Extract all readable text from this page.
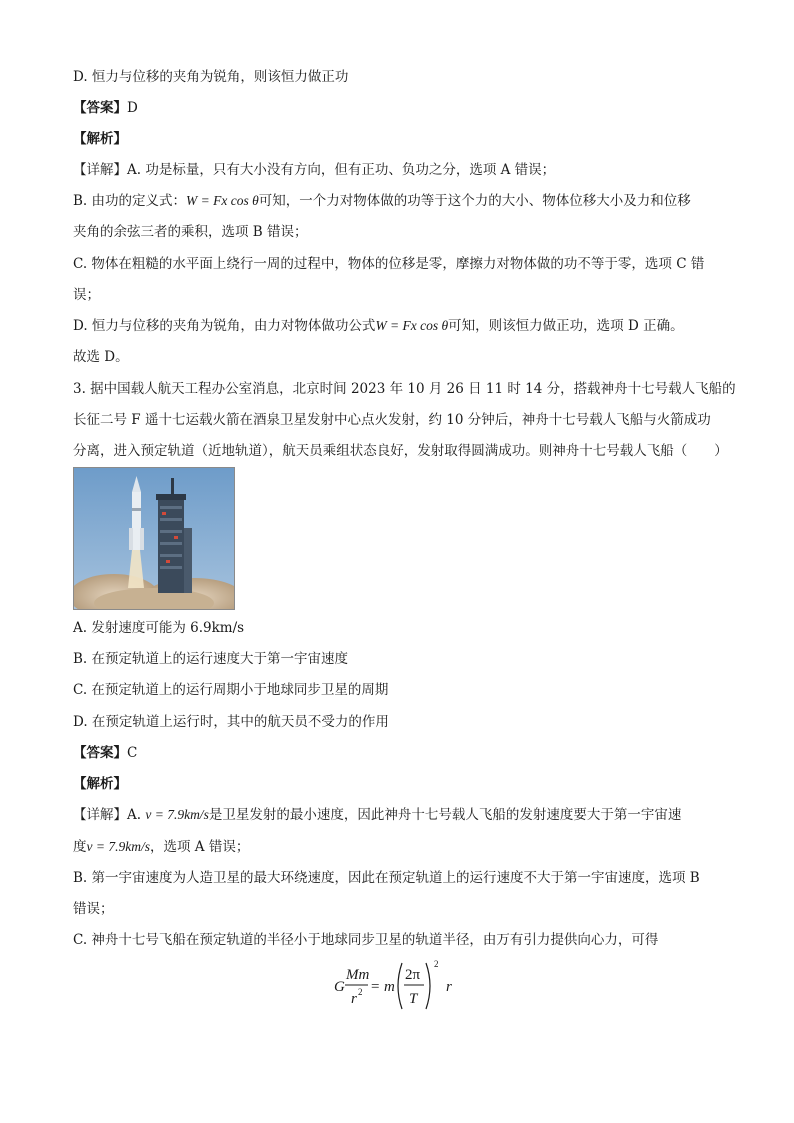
D. 恒力与位移的夹角为锐角，则该恒力做正功
【答案】D
【解析】
【详解】A. 功是标量，只有大小没有方向，但有正功、负功之分，选项 A 错误；
B. 由功的定义式：W = Fx cos θ可知，一个力对物体做的功等于这个力的大小、物体位移大小及力和位移
夹角的余弦三者的乘积，选项 B 错误；
C. 物体在粗糙的水平面上绕行一周的过程中，物体的位移是零，摩擦力对物体做的功不等于零，选项 C 错
误；
D. 恒力与位移的夹角为锐角，由力对物体做功公式W = Fx cos θ可知，则该恒力做正功，选项 D 正确。
故选 D。
3. 据中国载人航天工程办公室消息，北京时间 2023 年 10 月 26 日 11 时 14 分，搭载神舟十七号载人飞船的
长征二号 F 遥十七运载火箭在酒泉卫星发射中心点火发射，约 10 分钟后，神舟十七号载人飞船与火箭成功
分离，进入预定轨道（近地轨道），航天员乘组状态良好，发射取得圆满成功。则神舟十七号载人飞船（　　）
A. 发射速度可能为 6.9km/s
B. 在预定轨道上的运行速度大于第一宇宙速度
C. 在预定轨道上的运行周期小于地球同步卫星的周期
D. 在预定轨道上运行时，其中的航天员不受力的作用
【答案】C
【解析】
【详解】A. v = 7.9km/s是卫星发射的最小速度，因此神舟十七号载人飞船的发射速度要大于第一宇宙速
度v = 7.9km/s，选项 A 错误；
B. 第一宇宙速度为人造卫星的最大环绕速度，因此在预定轨道上的运行速度不大于第一宇宙速度，选项 B
错误；
C. 神舟十七号飞船在预定轨道的半径小于地球同步卫星的轨道半径，由万有引力提供向心力，可得
G
Mm
r 2 = m
2π
T
2
r
